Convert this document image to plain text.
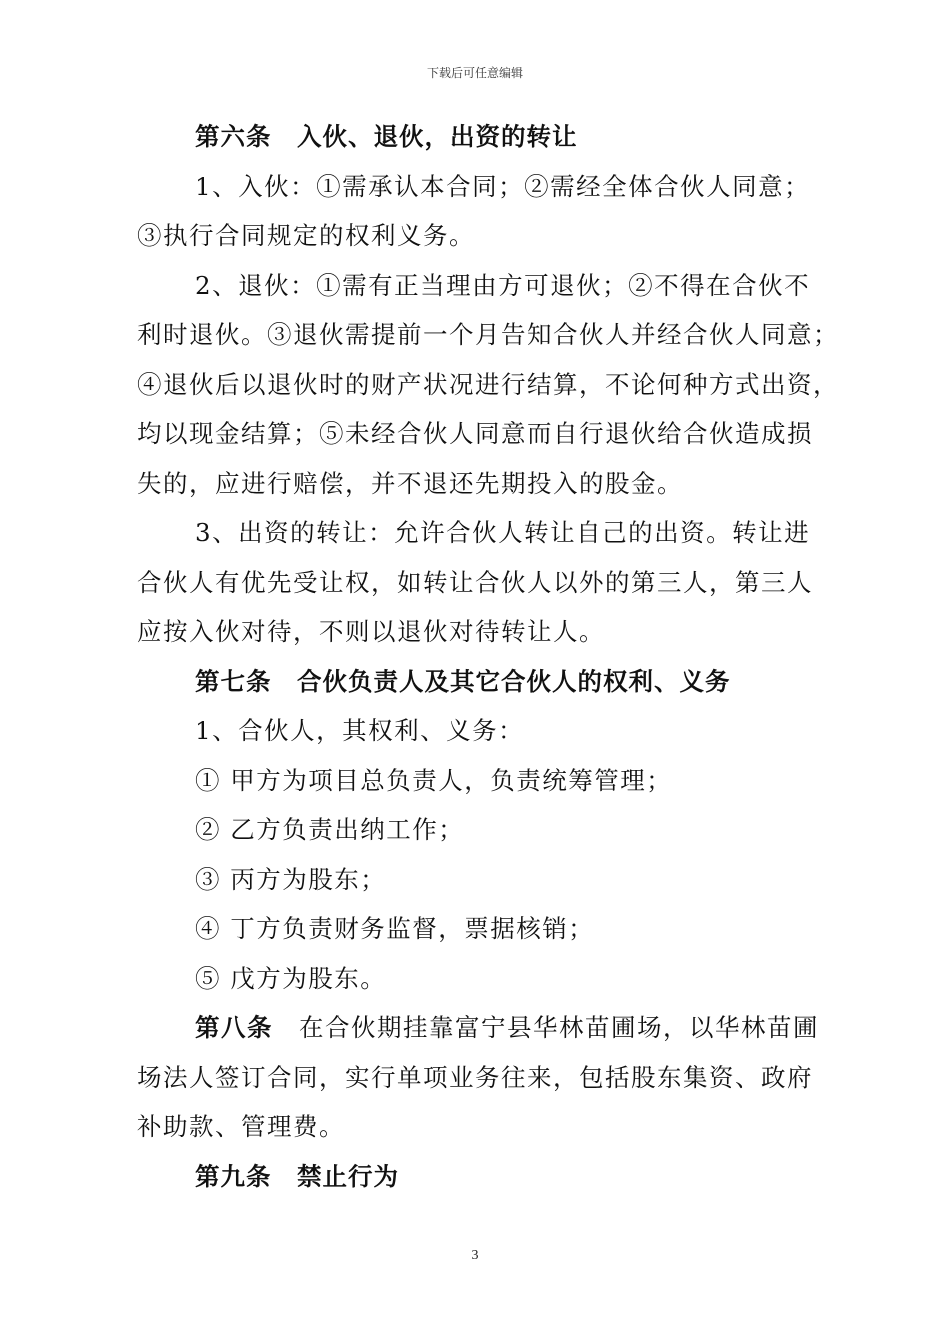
下载后可任意编辑
第六条　入伙、退伙，出资的转让
1、入伙：①需承认本合同；②需经全体合伙人同意；
③执行合同规定的权利义务。
2、退伙：①需有正当理由方可退伙；②不得在合伙不
利时退伙。③退伙需提前一个月告知合伙人并经合伙人同意；
④退伙后以退伙时的财产状况进行结算，不论何种方式出资，
均以现金结算；⑤未经合伙人同意而自行退伙给合伙造成损
失的，应进行赔偿，并不退还先期投入的股金。
3、出资的转让：允许合伙人转让自己的出资。转让进
合伙人有优先受让权，如转让合伙人以外的第三人，第三人
应按入伙对待，不则以退伙对待转让人。
第七条　合伙负责人及其它合伙人的权利、义务
1、合伙人，其权利、义务：
① 甲方为项目总负责人，负责统筹管理；
② 乙方负责出纳工作；
③ 丙方为股东；
④ 丁方负责财务监督，票据核销；
⑤ 戊方为股东。
第八条　在合伙期挂靠富宁县华林苗圃场，以华林苗圃
场法人签订合同，实行单项业务往来，包括股东集资、政府
补助款、管理费。
第九条　禁止行为
3
